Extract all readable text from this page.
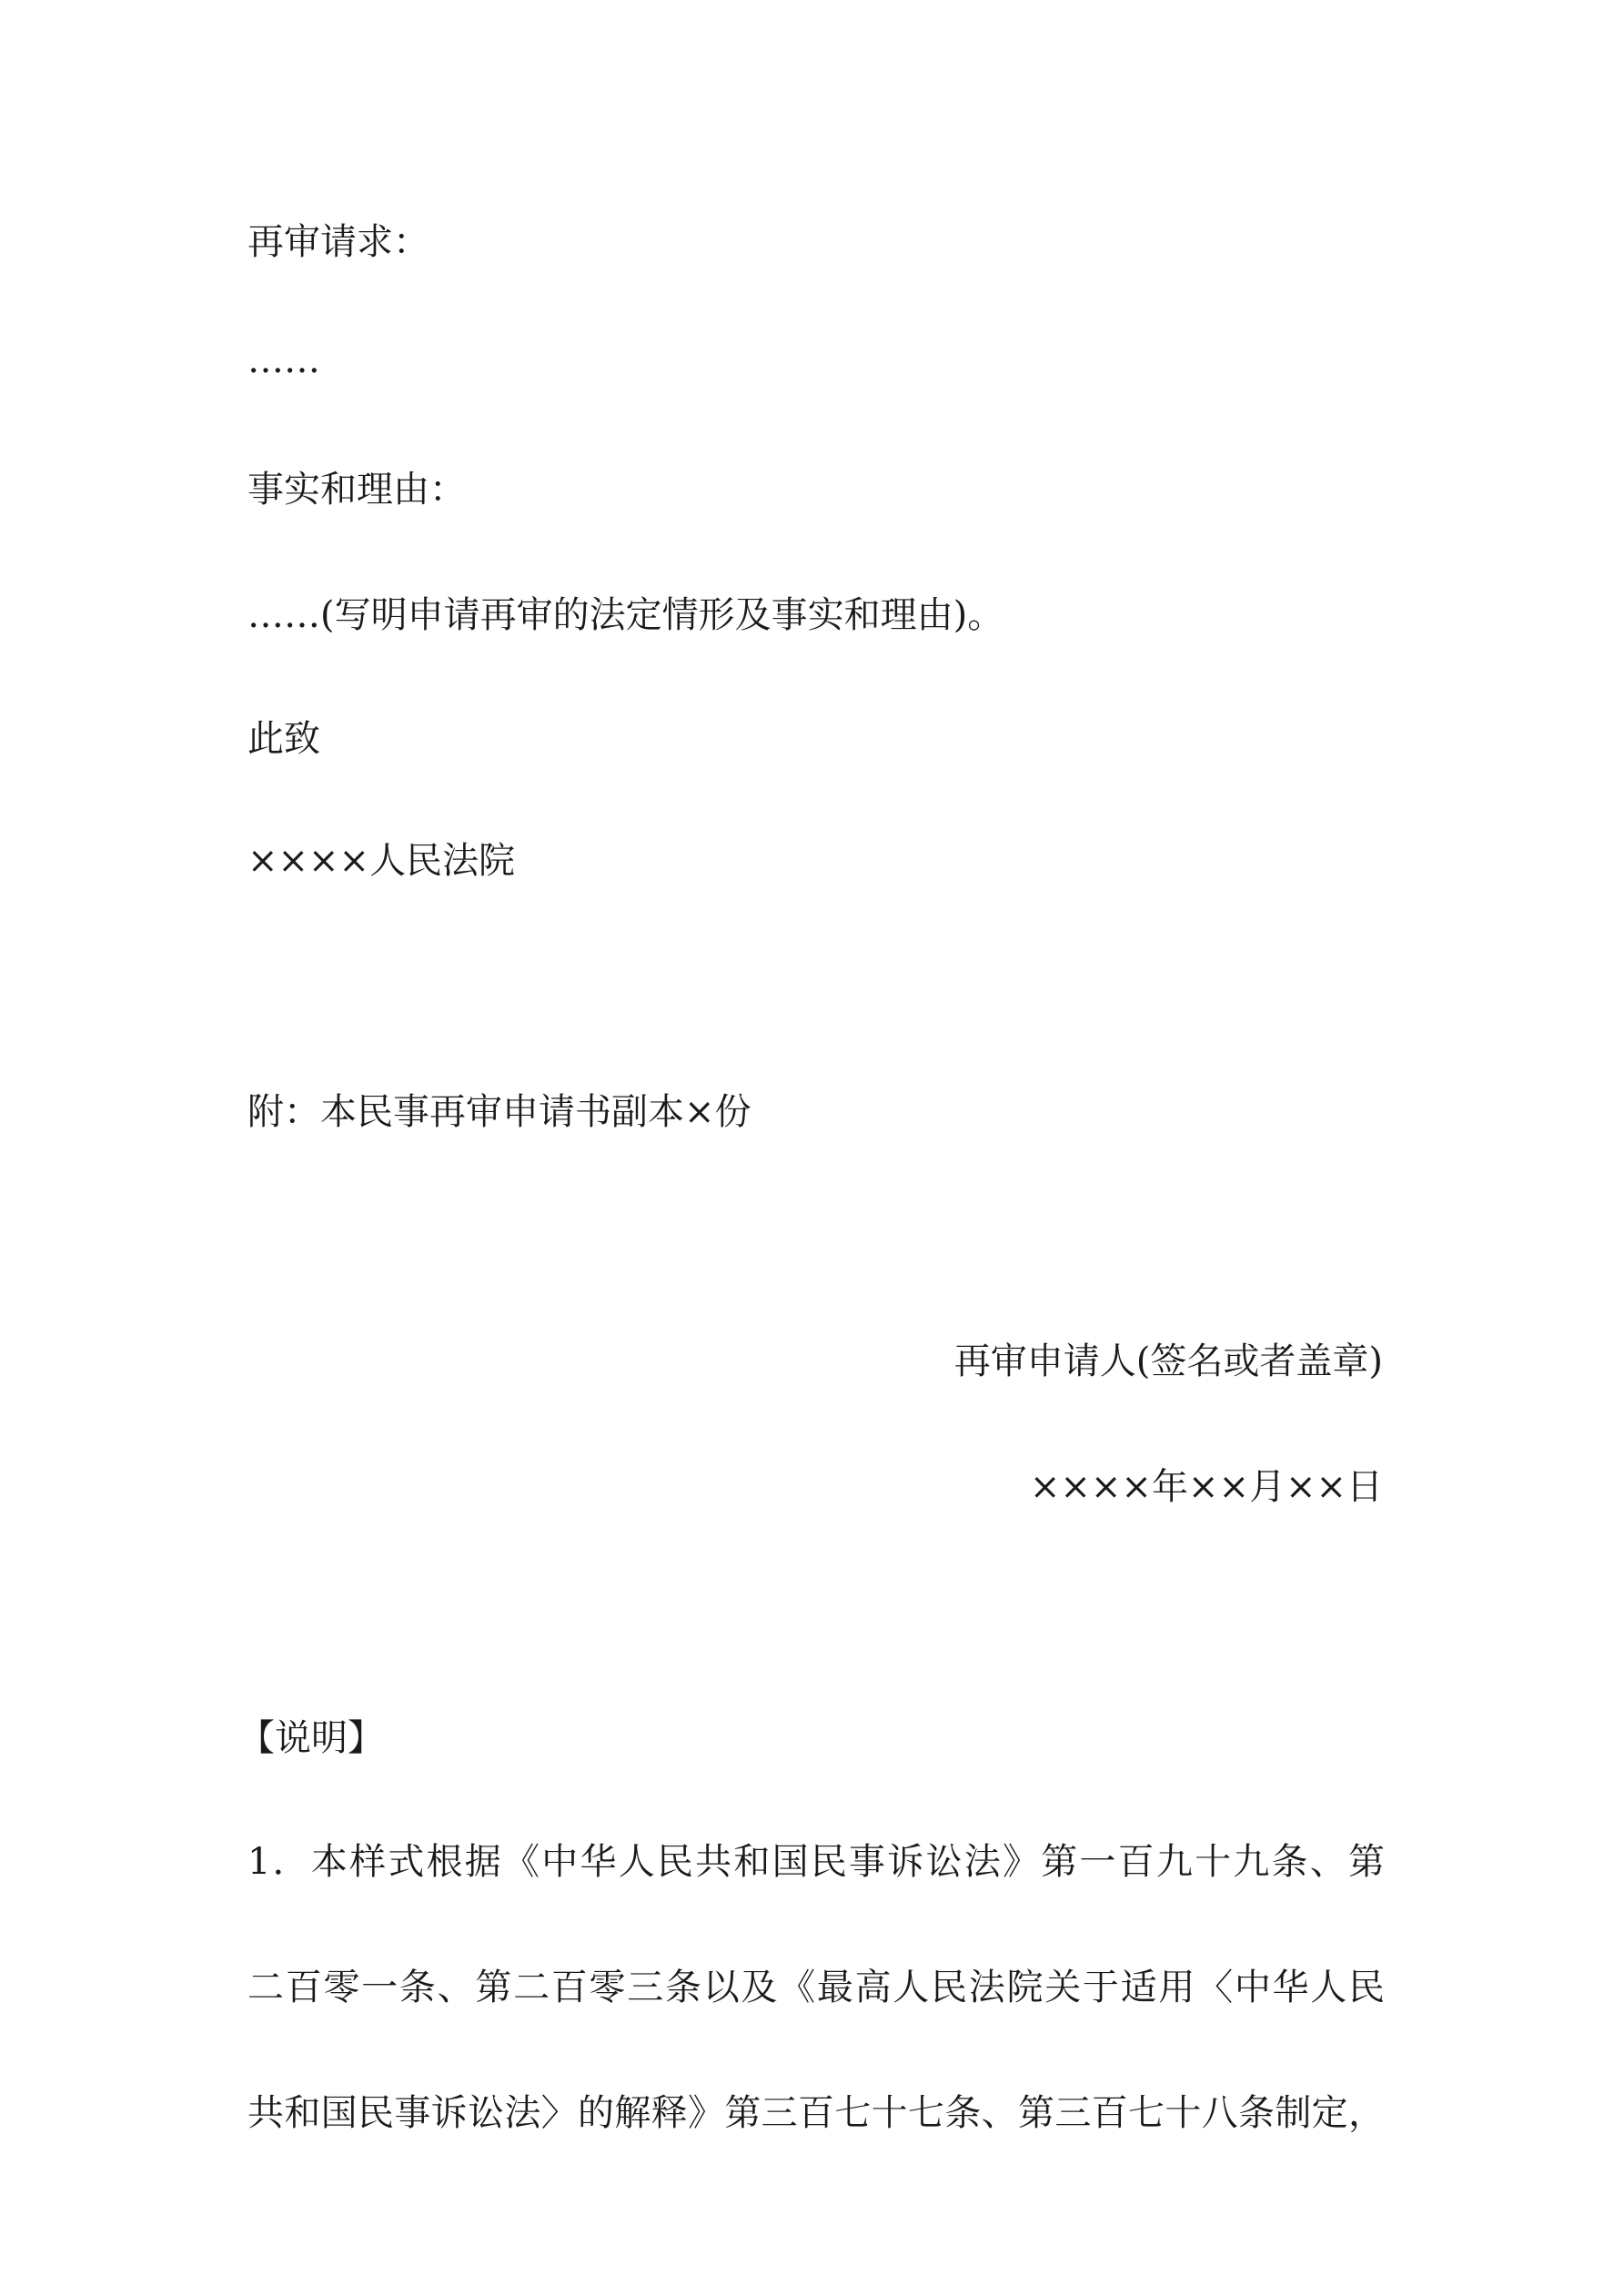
再审请求：

……

事实和理由：

……(写明申请再审的法定情形及事实和理由)。

此致

××××人民法院

附：本民事再审申请书副本×份

再审申请人(签名或者盖章)

××××年××月××日

【说明】

1．本样式根据《中华人民共和国民事诉讼法》第一百九十九条、第
二百零一条、第二百零三条以及《最高人民法院关于适用〈中华人民
共和国民事诉讼法〉的解释》第三百七十七条、第三百七十八条制定，
